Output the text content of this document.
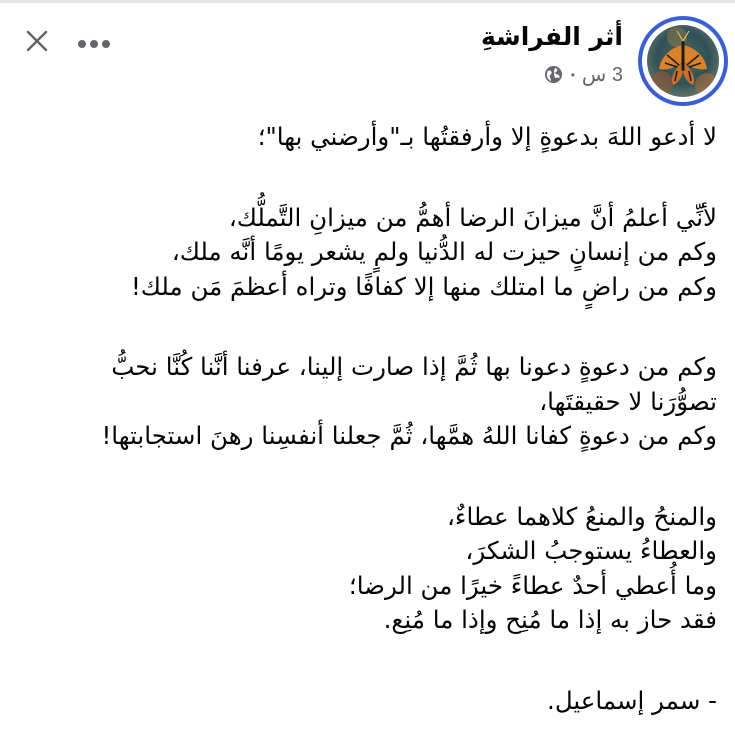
أثر الفراشةِ
3 س
•
لا أدعو اللهَ بدعوةٍ إلا وأرفقتُها بـ"وأرضني بها"؛
لأنِّي أعلمُ أنَّ ميزانَ الرضا أهمُّ من ميزانِ التَّملُّك،
وكم من إنسانٍ حيزت له الدُّنيا ولمٍ يشعر يومًا أنَّه ملك،
وكم من راضٍ ما امتلك منها إلا كفافًا وتراه أعظمَ مَن ملك!
وكم من دعوةٍ دعونا بها ثُمَّ إذا صارت إلينا، عرفنا أنَّنا كُنَّا نحبُّ
تصوُّرَنا لا حقيقتَها،
وكم من دعوةٍ كفانا اللهُ همَّها، ثُمَّ جعلنا أنفسِنا رهنَ استجابتها!
والمنحُ والمنعُ كلاهما عطاءٌ،
والعطاءُ يستوجبُ الشكرَ،
وما أُعطي أحدٌ عطاءً خيرًا من الرضا؛
فقد حاز به إذا ما مُنِح وإذا ما مُنِع.
- سمر إسماعيل.
